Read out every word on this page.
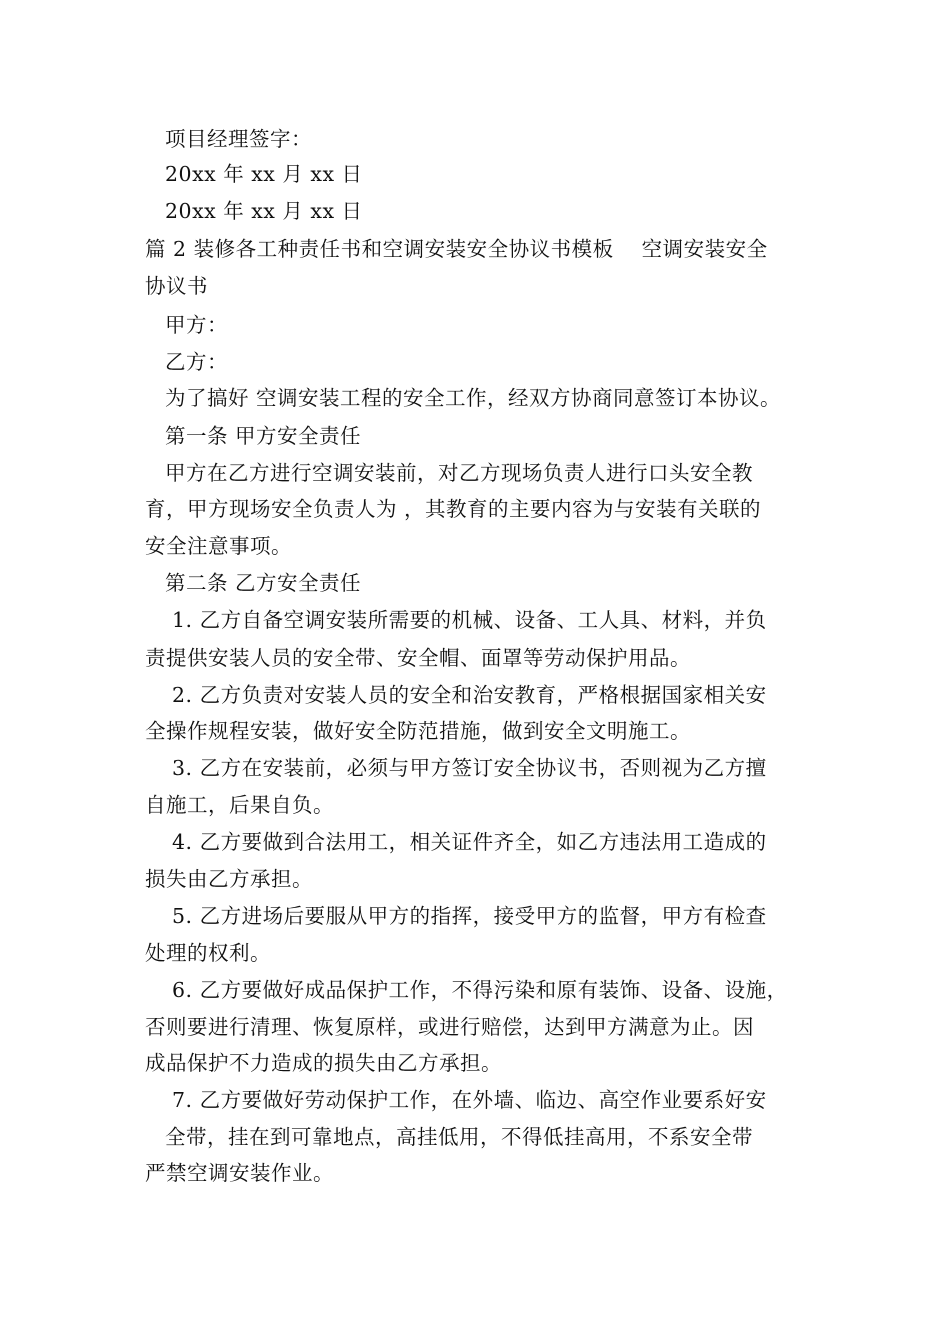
项目经理签字：
20xx 年 xx 月 xx 日
20xx 年 xx 月 xx 日
篇 2 装修各工种责任书和空调安装安全协议书模板　 空调安装安全
协议书
甲方：
乙方：
为了搞好 空调安装工程的安全工作，经双方协商同意签订本协议。
第一条 甲方安全责任
甲方在乙方进行空调安装前，对乙方现场负责人进行口头安全教
育，甲方现场安全负责人为 ，其教育的主要内容为与安装有关联的
安全注意事项。
第二条 乙方安全责任
1. 乙方自备空调安装所需要的机械、设备、工人具、材料，并负
责提供安装人员的安全带、安全帽、面罩等劳动保护用品。
2. 乙方负责对安装人员的安全和治安教育，严格根据国家相关安
全操作规程安装，做好安全防范措施，做到安全文明施工。
3. 乙方在安装前，必须与甲方签订安全协议书，否则视为乙方擅
自施工，后果自负。
4. 乙方要做到合法用工，相关证件齐全，如乙方违法用工造成的
损失由乙方承担。
5. 乙方进场后要服从甲方的指挥，接受甲方的监督，甲方有检查
处理的权利。
6. 乙方要做好成品保护工作，不得污染和原有装饰、设备、设施，
否则要进行清理、恢复原样，或进行赔偿，达到甲方满意为止。因
成品保护不力造成的损失由乙方承担。
7. 乙方要做好劳动保护工作，在外墙、临边、高空作业要系好安
全带，挂在到可靠地点，高挂低用，不得低挂高用，不系安全带
严禁空调安装作业。
